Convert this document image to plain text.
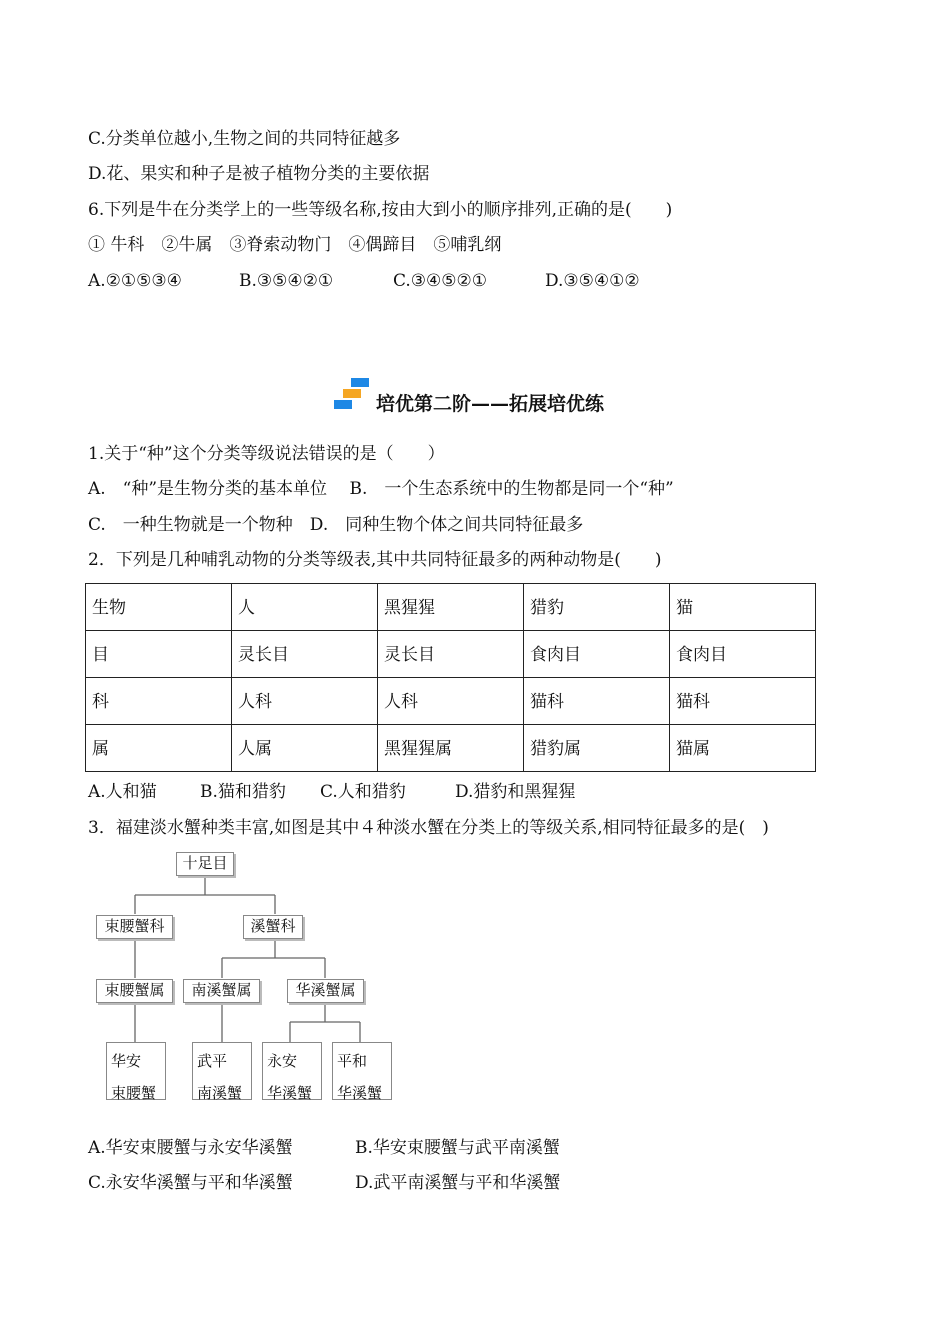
C.分类单位越小,生物之间的共同特征越多
D.花、果实和种子是被子植物分类的主要依据
6.下列是牛在分类学上的一些等级名称,按由大到小的顺序排列,正确的是(　　)
① 牛科　②牛属　③脊索动物门　④偶蹄目　⑤哺乳纲
A.②①⑤③④	B.③⑤④②①	C.③④⑤②①	D.③⑤④①②
培优第二阶——拓展培优练
1.关于“种”这个分类等级说法错误的是（　　）
A.　“种”是生物分类的基本单位　 B.　一个生态系统中的生物都是同一个“种”
C.　一种生物就是一个物种　D.　同种生物个体之间共同特征最多
2．下列是几种哺乳动物的分类等级表,其中共同特征最多的两种动物是(　　)
生物	人	黑猩猩	猎豹	猫
目	灵长目	灵长目	食肉目	食肉目
科	人科	人科	猫科	猫科
属	人属	黑猩猩属	猎豹属	猫属
A.人和猫	B.猫和猎豹 C.人和猎豹	D.猎豹和黑猩猩
3．福建淡水蟹种类丰富,如图是其中４种淡水蟹在分类上的等级关系,相同特征最多的是(　)
十足目
束腰蟹科	溪蟹科
束腰蟹属	南溪蟹属	华溪蟹属
华安
束腰蟹
武平
南溪蟹
永安
华溪蟹
平和
华溪蟹
A.华安束腰蟹与永安华溪蟹	B.华安束腰蟹与武平南溪蟹
C.永安华溪蟹与平和华溪蟹	D.武平南溪蟹与平和华溪蟹
